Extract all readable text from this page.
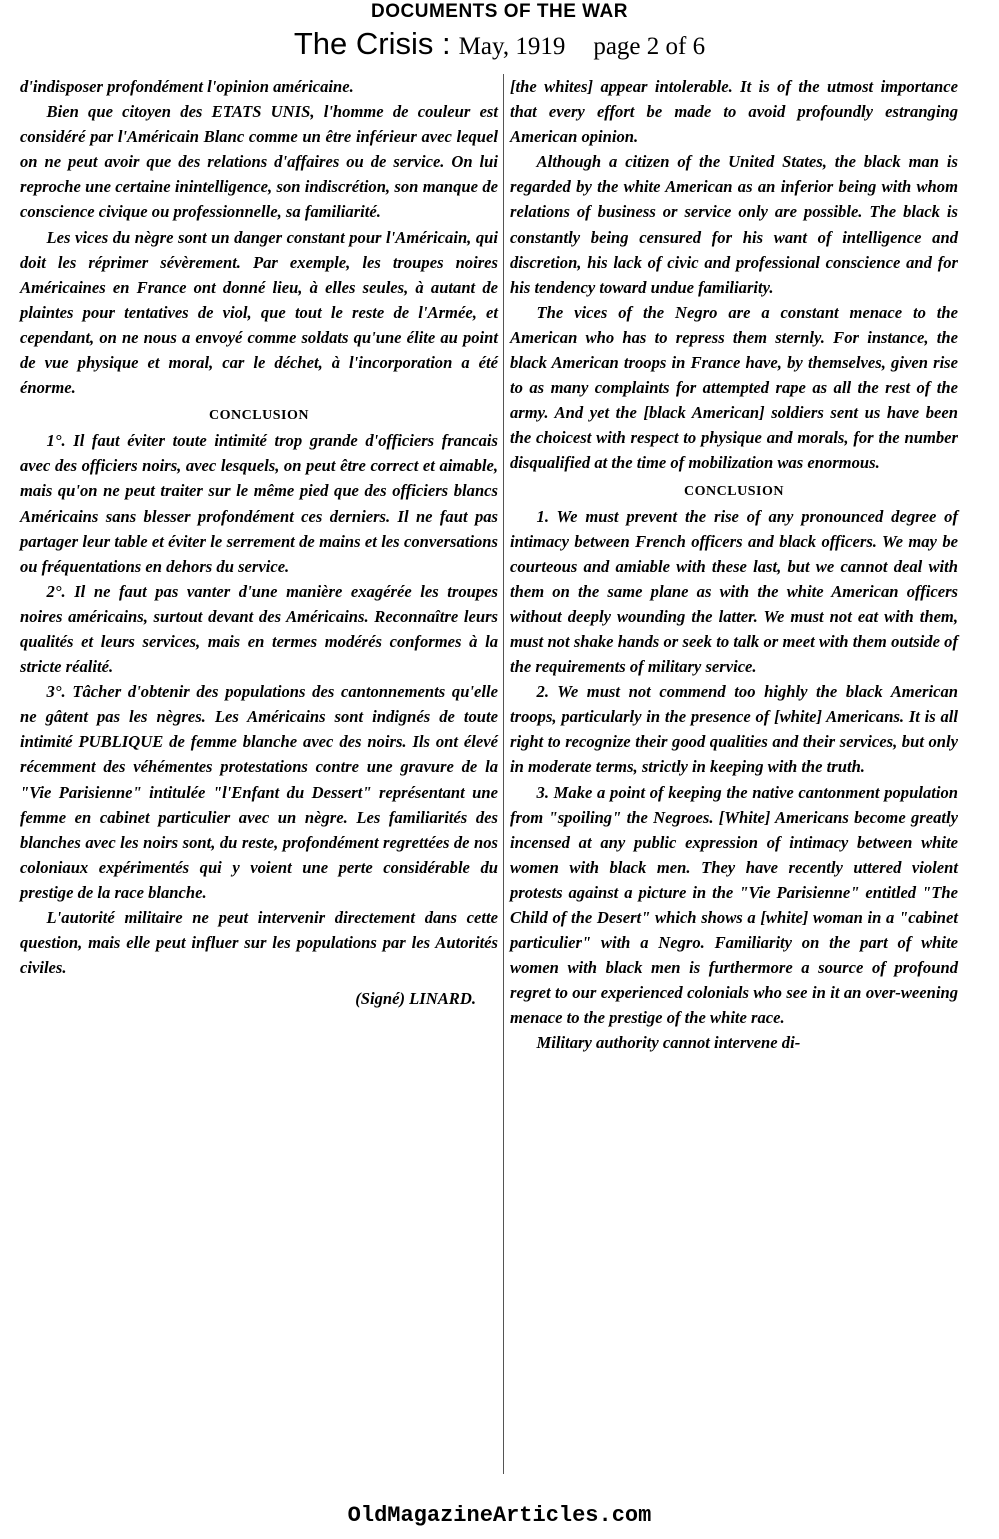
DOCUMENTS OF THE WAR
The Crisis : May, 1919 page 2 of 6

d'indisposer profondément l'opinion américaine.

Bien que citoyen des ETATS UNIS, l'homme de couleur est considéré par l'Américain Blanc comme un être inférieur avec lequel on ne peut avoir que des relations d'affaires ou de service. On lui reproche une certaine inintelligence, son indiscrétion, son manque de conscience civique ou professionnelle, sa familiarité.

Les vices du nègre sont un danger constant pour l'Américain, qui doit les réprimer sévèrement. Par exemple, les troupes noires Américaines en France ont donné lieu, à elles seules, à autant de plaintes pour tentatives de viol, que tout le reste de l'Armée, et cependant, on ne nous a envoyé comme soldats qu'une élite au point de vue physique et moral, car le déchet, à l'incorporation a été énorme.

CONCLUSION

1°. Il faut éviter toute intimité trop grande d'officiers francais avec des officiers noirs, avec lesquels, on peut être correct et aimable, mais qu'on ne peut traiter sur le même pied que des officiers blancs Américains sans blesser profondément ces derniers. Il ne faut pas partager leur table et éviter le serrement de mains et les conversations ou fréquentations en dehors du service.

2°. Il ne faut pas vanter d'une manière exagérée les troupes noires américains, surtout devant des Américains. Reconnaître leurs qualités et leurs services, mais en termes modérés conformes à la stricte réalité.

3°. Tâcher d'obtenir des populations des cantonnements qu'elle ne gâtent pas les nègres. Les Américains sont indignés de toute intimité PUBLIQUE de femme blanche avec des noirs. Ils ont élevé récemment des véhémentes protestations contre une gravure de la "Vie Parisienne" intitulée "l'Enfant du Dessert" représentant une femme en cabinet particulier avec un nègre. Les familiarités des blanches avec les noirs sont, du reste, profondément regrettées de nos coloniaux expérimentés qui y voient une perte considérable du prestige de la race blanche.

L'autorité militaire ne peut intervenir directement dans cette question, mais elle peut influer sur les populations par les Autorités civiles.

(Signé) LINARD.

[the whites] appear intolerable. It is of the utmost importance that every effort be made to avoid profoundly estranging American opinion.

Although a citizen of the United States, the black man is regarded by the white American as an inferior being with whom relations of business or service only are possible. The black is constantly being censured for his want of intelligence and discretion, his lack of civic and professional conscience and for his tendency toward undue familiarity.

The vices of the Negro are a constant menace to the American who has to repress them sternly. For instance, the black American troops in France have, by themselves, given rise to as many complaints for attempted rape as all the rest of the army. And yet the [black American] soldiers sent us have been the choicest with respect to physique and morals, for the number disqualified at the time of mobilization was enormous.

CONCLUSION

1. We must prevent the rise of any pronounced degree of intimacy between French officers and black officers. We may be courteous and amiable with these last, but we cannot deal with them on the same plane as with the white American officers without deeply wounding the latter. We must not eat with them, must not shake hands or seek to talk or meet with them outside of the requirements of military service.

2. We must not commend too highly the black American troops, particularly in the presence of [white] Americans. It is all right to recognize their good qualities and their services, but only in moderate terms, strictly in keeping with the truth.

3. Make a point of keeping the native cantonment population from "spoiling" the Negroes. [White] Americans become greatly incensed at any public expression of intimacy between white women with black men. They have recently uttered violent protests against a picture in the "Vie Parisienne" entitled "The Child of the Desert" which shows a [white] woman in a "cabinet particulier" with a Negro. Familiarity on the part of white women with black men is furthermore a source of profound regret to our experienced colonials who see in it an over-weening menace to the prestige of the white race.

Military authority cannot intervene di-

OldMagazineArticles.com
